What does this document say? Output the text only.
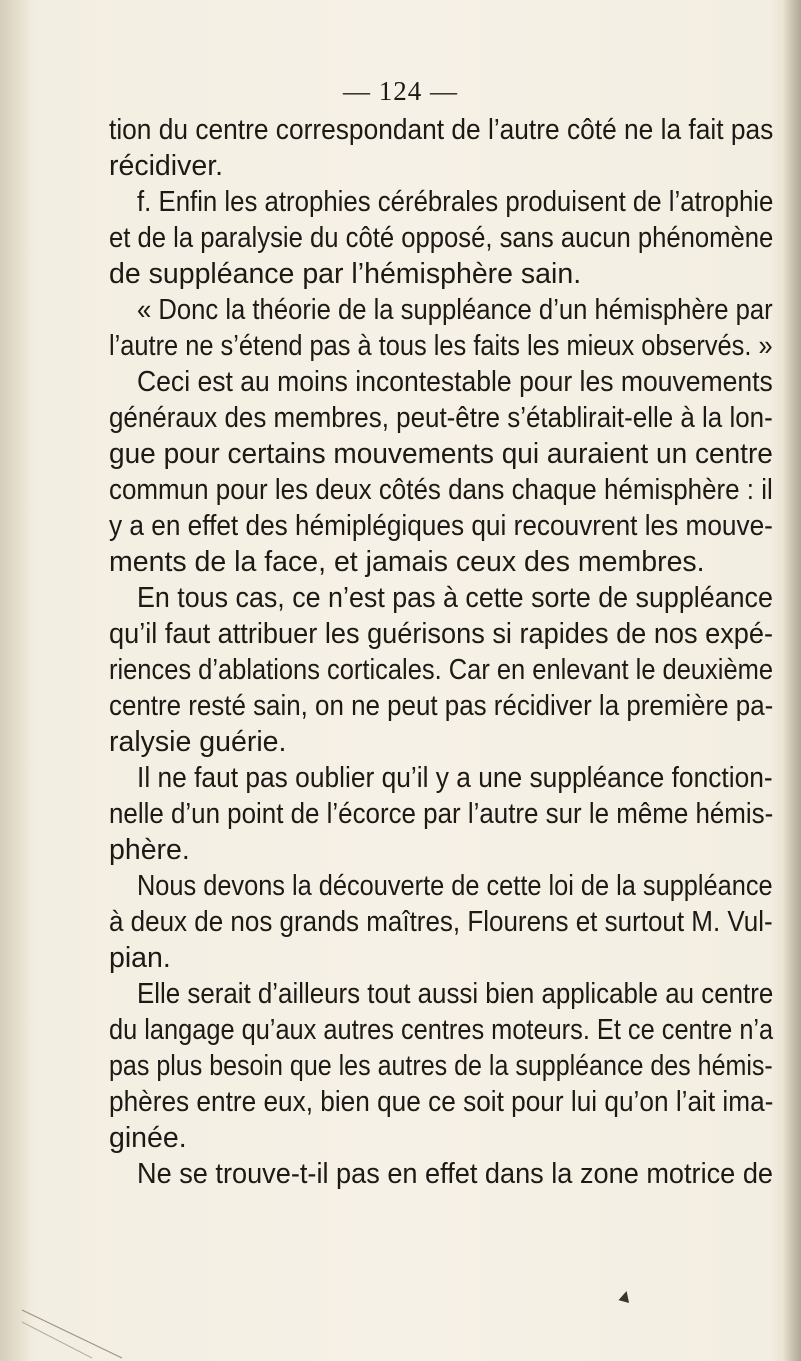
— 124 —
tion du centre correspondant de l’autre côté ne la fait pas
récidiver.
f. Enfin les atrophies cérébrales produisent de l’atrophie
et de la paralysie du côté opposé, sans aucun phénomène
de suppléance par l’hémisphère sain.
« Donc la théorie de la suppléance d’un hémisphère par
l’autre ne s’étend pas à tous les faits les mieux observés. »
Ceci est au moins incontestable pour les mouvements
généraux des membres, peut-être s’établirait-elle à la lon-
gue pour certains mouvements qui auraient un centre
commun pour les deux côtés dans chaque hémisphère : il
y a en effet des hémiplégiques qui recouvrent les mouve-
ments de la face, et jamais ceux des membres.
En tous cas, ce n’est pas à cette sorte de suppléance
qu’il faut attribuer les guérisons si rapides de nos expé-
riences d’ablations corticales. Car en enlevant le deuxième
centre resté sain, on ne peut pas récidiver la première pa-
ralysie guérie.
Il ne faut pas oublier qu’il y a une suppléance fonction-
nelle d’un point de l’écorce par l’autre sur le même hémis-
phère.
Nous devons la découverte de cette loi de la suppléance
à deux de nos grands maîtres, Flourens et surtout M. Vul-
pian.
Elle serait d’ailleurs tout aussi bien applicable au centre
du langage qu’aux autres centres moteurs. Et ce centre n’a
pas plus besoin que les autres de la suppléance des hémis-
phères entre eux, bien que ce soit pour lui qu’on l’ait ima-
ginée.
Ne se trouve-t-il pas en effet dans la zone motrice de
▴
